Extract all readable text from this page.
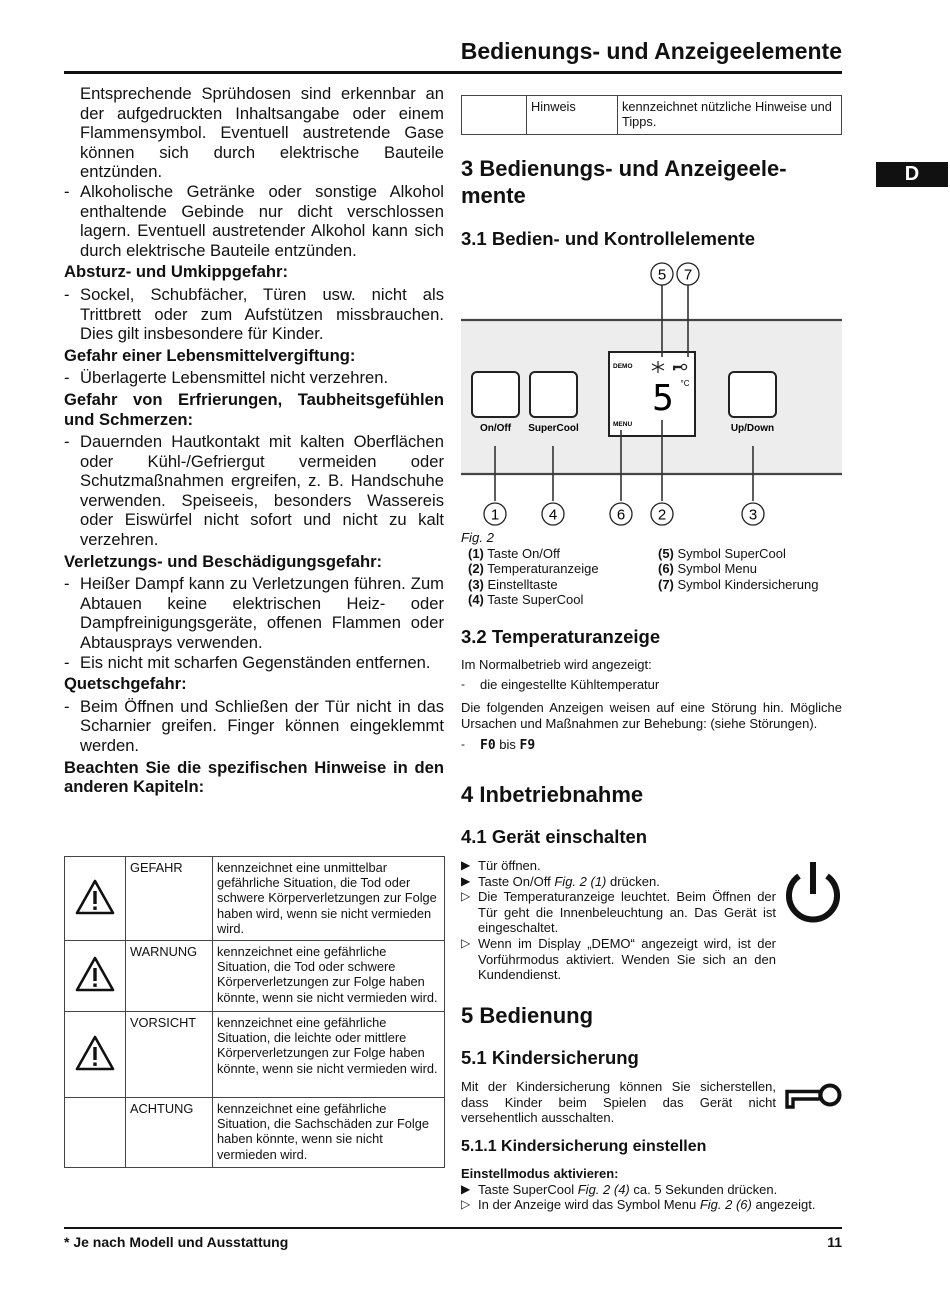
Bedienungs- und Anzeigeelemente
D

Entsprechende Sprühdosen sind erkennbar an der aufgedruckten Inhaltsangabe oder einem Flammensymbol. Eventuell austretende Gase können sich durch elektrische Bauteile entzünden.

- Alkoholische Getränke oder sonstige Alkohol enthaltende Gebinde nur dicht verschlossen lagern. Eventuell austretender Alkohol kann sich durch elektrische Bauteile entzünden.

Absturz- und Umkippgefahr:

- Sockel, Schubfächer, Türen usw. nicht als Trittbrett oder zum Aufstützen missbrauchen. Dies gilt insbesondere für Kinder.

Gefahr einer Lebensmittelvergiftung:

- Überlagerte Lebensmittel nicht verzehren.

Gefahr von Erfrierungen, Taubheitsgefühlen und Schmerzen:

- Dauernden Hautkontakt mit kalten Oberflächen oder Kühl-/Gefriergut vermeiden oder Schutzmaßnahmen ergreifen, z. B. Handschuhe verwenden. Speiseeis, besonders Wassereis oder Eiswürfel nicht sofort und nicht zu kalt verzehren.

Verletzungs- und Beschädigungsgefahr:

- Heißer Dampf kann zu Verletzungen führen. Zum Abtauen keine elektrischen Heiz- oder Dampfreinigungsgeräte, offenen Flammen oder Abtausprays verwenden.

- Eis nicht mit scharfen Gegenständen entfernen.

Quetschgefahr:

- Beim Öffnen und Schließen der Tür nicht in das Scharnier greifen. Finger können eingeklemmt werden.

Beachten Sie die spezifischen Hinweise in den anderen Kapiteln:
	GEFAHR	kennzeichnet eine unmittelbar gefährliche Situation, die Tod oder schwere Körperverletzungen zur Folge haben wird, wenn sie nicht vermieden wird.
	WARNUNG	kennzeichnet eine gefährliche Situation, die Tod oder schwere Körperverletzungen zur Folge haben könnte, wenn sie nicht vermieden wird.
	VORSICHT	kennzeichnet eine gefährliche Situation, die leichte oder mittlere Körperverletzungen zur Folge haben könnte, wenn sie nicht vermieden wird.
	ACHTUNG	kennzeichnet eine gefährliche Situation, die Sachschäden zur Folge haben könnte, wenn sie nicht vermieden wird.
	Hinweis	kennzeichnet nützliche Hinweise und Tipps.
3 Bedienungs- und Anzeigeele-
mente
3.1 Bedien- und Kontrollelemente
On/Off SuperCool	Up/Down
DEMO
MENU
5 °C
1	4	6 2	3
5 7
Fig. 2
(1) Taste On/Off
(2) Temperaturanzeige
(3) Einstelltaste
(4) Taste SuperCool
(5) Symbol SuperCool
(6) Symbol Menu
(7) Symbol Kindersicherung
3.2 Temperaturanzeige

Im Normalbetrieb wird angezeigt:

- die eingestellte Kühltemperatur

Die folgenden Anzeigen weisen auf eine Störung hin. Mögliche Ursachen und Maßnahmen zur Behebung: (siehe Störungen).

- F0 bis F9

4 Inbetriebnahme
4.1 Gerät einschalten

▶ Tür öffnen.

▶ Taste On/Off Fig. 2 (1) drücken.

▷ Die Temperaturanzeige leuchtet. Beim Öffnen der Tür geht die Innenbeleuchtung an. Das Gerät ist eingeschaltet.

▷ Wenn im Display „DEMO“ angezeigt wird, ist der Vorführmodus aktiviert. Wenden Sie sich an den Kundendienst.

5 Bedienung
5.1 Kindersicherung
Mit der Kindersicherung können Sie sicherstellen, dass Kinder beim Spielen das Gerät nicht versehentlich ausschalten.
5.1.1 Kindersicherung einstellen

Einstellmodus aktivieren:

▶ Taste SuperCool Fig. 2 (4) ca. 5 Sekunden drücken.

▷ In der Anzeige wird das Symbol Menu Fig. 2 (6) angezeigt.

* Je nach Modell und Ausstattung	11
